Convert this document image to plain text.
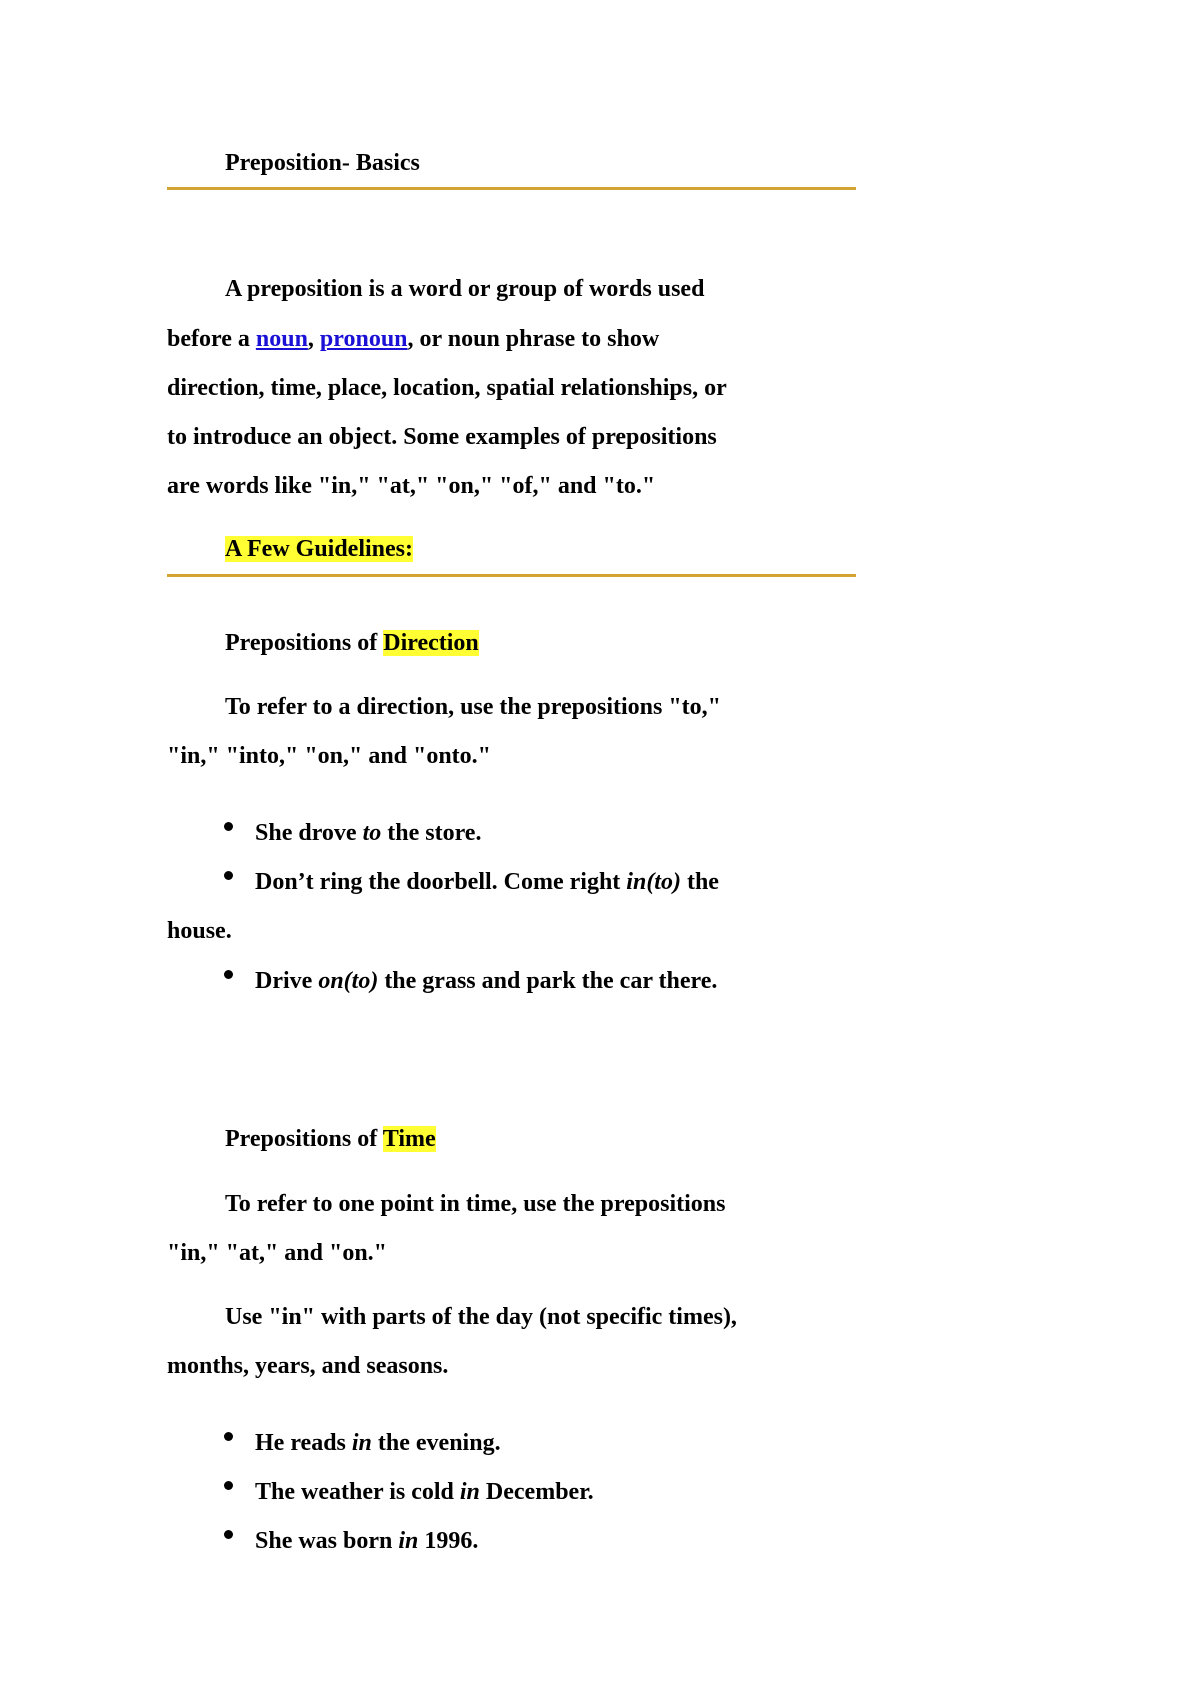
Preposition- Basics
A preposition is a word or group of words used
before a noun, pronoun, or noun phrase to show
direction, time, place, location, spatial relationships, or
to introduce an object. Some examples of prepositions
are words like "in," "at," "on," "of," and "to."
A Few Guidelines:
Prepositions of Direction
To refer to a direction, use the prepositions "to,"
"in," "into," "on," and "onto."
She drove to the store.
Don’t ring the doorbell. Come right in(to) the
house.
Drive on(to) the grass and park the car there.
Prepositions of Time
To refer to one point in time, use the prepositions
"in," "at," and "on."
Use "in" with parts of the day (not specific times),
months, years, and seasons.
He reads in the evening.
The weather is cold in December.
She was born in 1996.
